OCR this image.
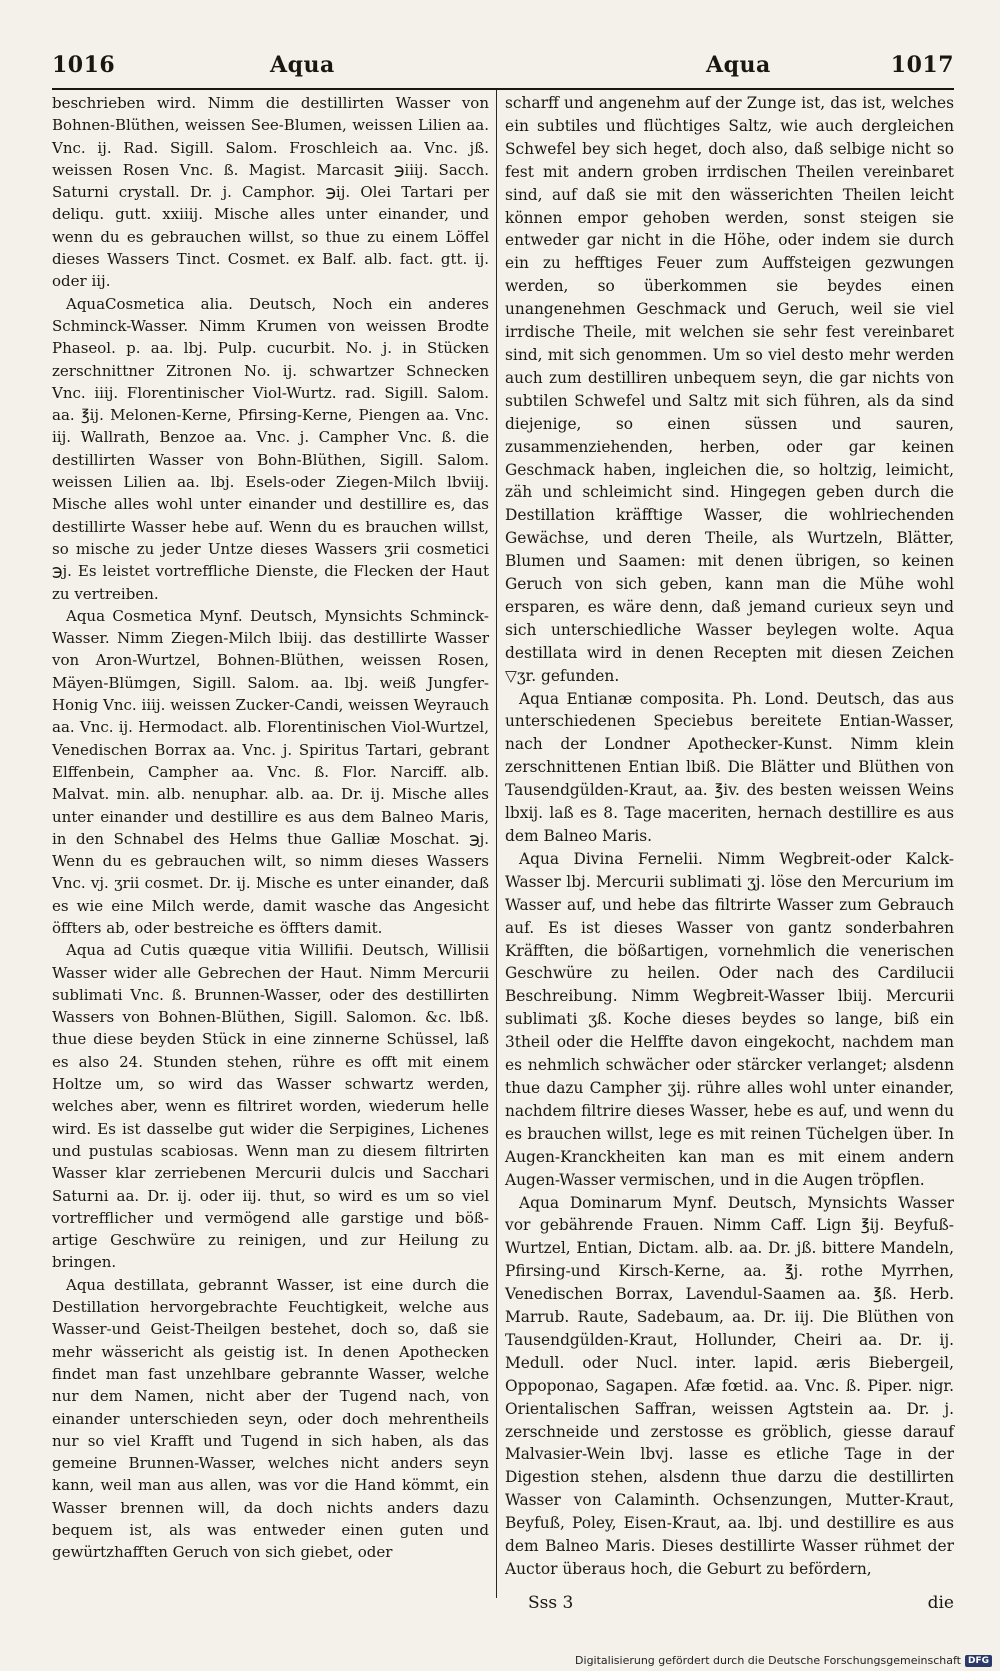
1016	Aqua	Aqua	1017

beschrieben wird. Nimm die destillirten Wasser von Bohnen-Blüthen, weissen See-Blumen, weissen Lilien aa. Vnc. ij. Rad. Sigill. Salom. Froschleich aa. Vnc. jß. weissen Rosen Vnc. ß. Magist. Marcasit ℈iiij. Sacch. Saturni crystall. Dr. j. Camphor. ℈ij. Olei Tartari per deliqu. gutt. xxiiij. Mische alles unter einander, und wenn du es gebrauchen willst, so thue zu einem Löffel dieses Wassers Tinct. Cosmet. ex Balf. alb. fact. gtt. ij. oder iij.

AquaCosmetica alia. Deutsch, Noch ein anderes Schminck-Wasser. Nimm Krumen von weissen Brodte Phaseol. p. aa. lbj. Pulp. cucurbit. No. j. in Stücken zerschnittner Zitronen No. ij. schwartzer Schnecken Vnc. iiij. Florentinischer Viol-Wurtz. rad. Sigill. Salom. aa. ℥ij. Melonen-Kerne, Pfirsing-Kerne, Piengen aa. Vnc. iij. Wallrath, Benzoe aa. Vnc. j. Campher Vnc. ß. die destillirten Wasser von Bohn-Blüthen, Sigill. Salom. weissen Lilien aa. lbj. Esels-oder Ziegen-Milch lbviij. Mische alles wohl unter einander und destillire es, das destillirte Wasser hebe auf. Wenn du es brauchen willst, so mische zu jeder Untze dieses Wassers ʒrii cosmetici ℈j. Es leistet vortreffliche Dienste, die Flecken der Haut zu vertreiben.

Aqua Cosmetica Mynf. Deutsch, Mynsichts Schminck-Wasser. Nimm Ziegen-Milch lbiij. das destillirte Wasser von Aron-Wurtzel, Bohnen-Blüthen, weissen Rosen, Mäyen-Blümgen, Sigill. Salom. aa. lbj. weiß Jungfer-Honig Vnc. iiij. weissen Zucker-Candi, weissen Weyrauch aa. Vnc. ij. Hermodact. alb. Florentinischen Viol-Wurtzel, Venedischen Borrax aa. Vnc. j. Spiritus Tartari, gebrant Elffenbein, Campher aa. Vnc. ß. Flor. Narciff. alb. Malvat. min. alb. nenuphar. alb. aa. Dr. ij. Mische alles unter einander und destillire es aus dem Balneo Maris, in den Schnabel des Helms thue Galliæ Moschat. ℈j. Wenn du es gebrauchen wilt, so nimm dieses Wassers Vnc. vj. ʒrii cosmet. Dr. ij. Mische es unter einander, daß es wie eine Milch werde, damit wasche das Angesicht öffters ab, oder bestreiche es öffters damit.

Aqua ad Cutis quæque vitia Willifii. Deutsch, Willisii Wasser wider alle Gebrechen der Haut. Nimm Mercurii sublimati Vnc. ß. Brunnen-Wasser, oder des destillirten Wassers von Bohnen-Blüthen, Sigill. Salomon. &c. lbß. thue diese beyden Stück in eine zinnerne Schüssel, laß es also 24. Stunden stehen, rühre es offt mit einem Holtze um, so wird das Wasser schwartz werden, welches aber, wenn es filtriret worden, wiederum helle wird. Es ist dasselbe gut wider die Serpigines, Lichenes und pustulas scabiosas. Wenn man zu diesem filtrirten Wasser klar zerriebenen Mercurii dulcis und Sacchari Saturni aa. Dr. ij. oder iij. thut, so wird es um so viel vortrefflicher und vermögend alle garstige und böß-artige Geschwüre zu reinigen, und zur Heilung zu bringen.

Aqua destillata, gebrannt Wasser, ist eine durch die Destillation hervorgebrachte Feuchtigkeit, welche aus Wasser-und Geist-Theilgen bestehet, doch so, daß sie mehr wässericht als geistig ist. In denen Apothecken findet man fast unzehlbare gebrannte Wasser, welche nur dem Namen, nicht aber der Tugend nach, von einander unterschieden seyn, oder doch mehrentheils nur so viel Krafft und Tugend in sich haben, als das gemeine Brunnen-Wasser, welches nicht anders seyn kann, weil man aus allen, was vor die Hand kömmt, ein Wasser brennen will, da doch nichts anders dazu bequem ist, als was entweder einen guten und gewürtzhafften Geruch von sich giebet, oder

scharff und angenehm auf der Zunge ist, das ist, welches ein subtiles und flüchtiges Saltz, wie auch dergleichen Schwefel bey sich heget, doch also, daß selbige nicht so fest mit andern groben irrdischen Theilen vereinbaret sind, auf daß sie mit den wässerichten Theilen leicht können empor gehoben werden, sonst steigen sie entweder gar nicht in die Höhe, oder indem sie durch ein zu hefftiges Feuer zum Auffsteigen gezwungen werden, so überkommen sie beydes einen unangenehmen Geschmack und Geruch, weil sie viel irrdische Theile, mit welchen sie sehr fest vereinbaret sind, mit sich genommen. Um so viel desto mehr werden auch zum destilliren unbequem seyn, die gar nichts von subtilen Schwefel und Saltz mit sich führen, als da sind diejenige, so einen süssen und sauren, zusammenziehenden, herben, oder gar keinen Geschmack haben, ingleichen die, so holtzig, leimicht, zäh und schleimicht sind. Hingegen geben durch die Destillation kräfftige Wasser, die wohlriechenden Gewächse, und deren Theile, als Wurtzeln, Blätter, Blumen und Saamen: mit denen übrigen, so keinen Geruch von sich geben, kann man die Mühe wohl ersparen, es wäre denn, daß jemand curieux seyn und sich unterschiedliche Wasser beylegen wolte. Aqua destillata wird in denen Recepten mit diesen Zeichen ▽ʒr. gefunden.

Aqua Entianæ composita. Ph. Lond. Deutsch, das aus unterschiedenen Speciebus bereitete Entian-Wasser, nach der Londner Apothecker-Kunst. Nimm klein zerschnittenen Entian lbiß. Die Blätter und Blüthen von Tausendgülden-Kraut, aa. ℥iv. des besten weissen Weins lbxij. laß es 8. Tage maceriten, hernach destillire es aus dem Balneo Maris.

Aqua Divina Fernelii. Nimm Wegbreit-oder Kalck-Wasser lbj. Mercurii sublimati ʒj. löse den Mercurium im Wasser auf, und hebe das filtrirte Wasser zum Gebrauch auf. Es ist dieses Wasser von gantz sonderbahren Kräfften, die bößartigen, vornehmlich die venerischen Geschwüre zu heilen. Oder nach des Cardilucii Beschreibung. Nimm Wegbreit-Wasser lbiij. Mercurii sublimati ʒß. Koche dieses beydes so lange, biß ein 3theil oder die Helffte davon eingekocht, nachdem man es nehmlich schwächer oder stärcker verlanget; alsdenn thue dazu Campher ʒij. rühre alles wohl unter einander, nachdem filtrire dieses Wasser, hebe es auf, und wenn du es brauchen willst, lege es mit reinen Tüchelgen über. In Augen-Kranckheiten kan man es mit einem andern Augen-Wasser vermischen, und in die Augen tröpflen.

Aqua Dominarum Mynf. Deutsch, Mynsichts Wasser vor gebährende Frauen. Nimm Caff. Lign ℥ij. Beyfuß-Wurtzel, Entian, Dictam. alb. aa. Dr. jß. bittere Mandeln, Pfirsing-und Kirsch-Kerne, aa. ℥j. rothe Myrrhen, Venedischen Borrax, Lavendul-Saamen aa. ℥ß. Herb. Marrub. Raute, Sadebaum, aa. Dr. iij. Die Blüthen von Tausendgülden-Kraut, Hollunder, Cheiri aa. Dr. ij. Medull. oder Nucl. inter. lapid. æris Biebergeil, Oppoponao, Sagapen. Afæ fœtid. aa. Vnc. ß. Piper. nigr. Orientalischen Saffran, weissen Agtstein aa. Dr. j. zerschneide und zerstosse es gröblich, giesse darauf Malvasier-Wein lbvj. lasse es etliche Tage in der Digestion stehen, alsdenn thue darzu die destillirten Wasser von Calaminth. Ochsenzungen, Mutter-Kraut, Beyfuß, Poley, Eisen-Kraut, aa. lbj. und destillire es aus dem Balneo Maris. Dieses destillirte Wasser rühmet der Auctor überaus hoch, die Geburt zu befördern,

Sss 3	die
Digitalisierung gefördert durch die Deutsche Forschungsgemeinschaft DFG
